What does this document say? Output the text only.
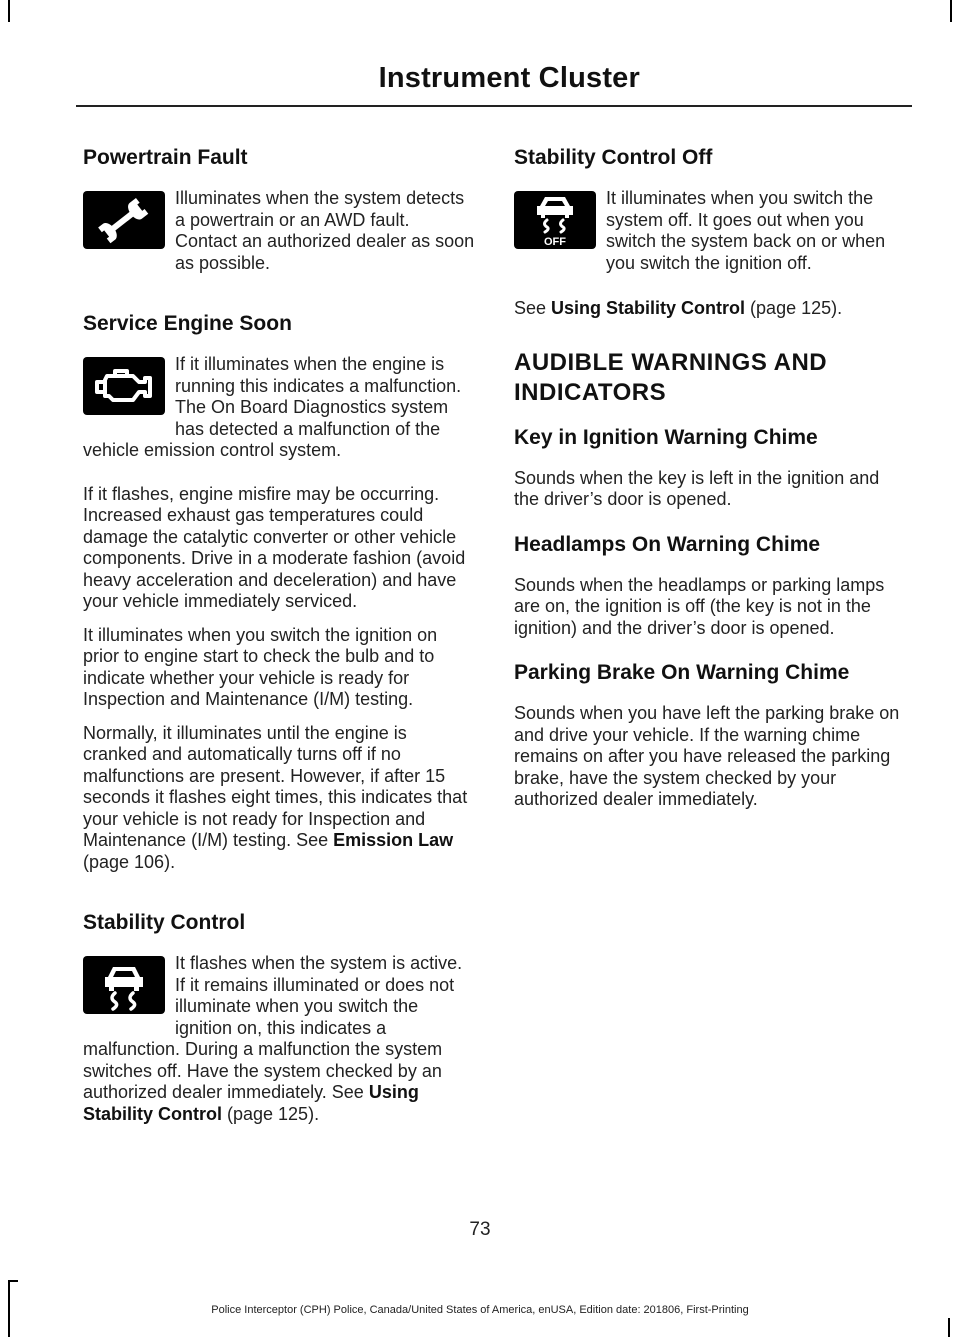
Instrument Cluster
Powertrain Fault

Illuminates when the system detects a powertrain or an AWD fault. Contact an authorized dealer as soon as possible.

Service Engine Soon

If it illuminates when the engine is running this indicates a malfunction. The On Board Diagnostics system has detected a malfunction of the vehicle emission control system.

If it flashes, engine misfire may be occurring. Increased exhaust gas temperatures could damage the catalytic converter or other vehicle components. Drive in a moderate fashion (avoid heavy acceleration and deceleration) and have your vehicle immediately serviced.

It illuminates when you switch the ignition on prior to engine start to check the bulb and to indicate whether your vehicle is ready for Inspection and Maintenance (I/M) testing.

Normally, it illuminates until the engine is cranked and automatically turns off if no malfunctions are present. However, if after 15 seconds it flashes eight times, this indicates that your vehicle is not ready for Inspection and Maintenance (I/M) testing. See Emission Law (page 106).

Stability Control

It flashes when the system is active. If it remains illuminated or does not illuminate when you switch the ignition on, this indicates a malfunction. During a malfunction the system switches off. Have the system checked by an authorized dealer immediately. See Using Stability Control (page 125).

Stability Control Off
OFF

It illuminates when you switch the system off. It goes out when you switch the system back on or when you switch the ignition off.

See Using Stability Control (page 125).

AUDIBLE WARNINGS AND
INDICATORS
Key in Ignition Warning Chime

Sounds when the key is left in the ignition and the driver’s door is opened.

Headlamps On Warning Chime

Sounds when the headlamps or parking lamps are on, the ignition is off (the key is not in the ignition) and the driver’s door is opened.

Parking Brake On Warning Chime

Sounds when you have left the parking brake on and drive your vehicle. If the warning chime remains on after you have released the parking brake, have the system checked by your authorized dealer immediately.

73
Police Interceptor (CPH) Police, Canada/United States of America, enUSA, Edition date: 201806, First-Printing
